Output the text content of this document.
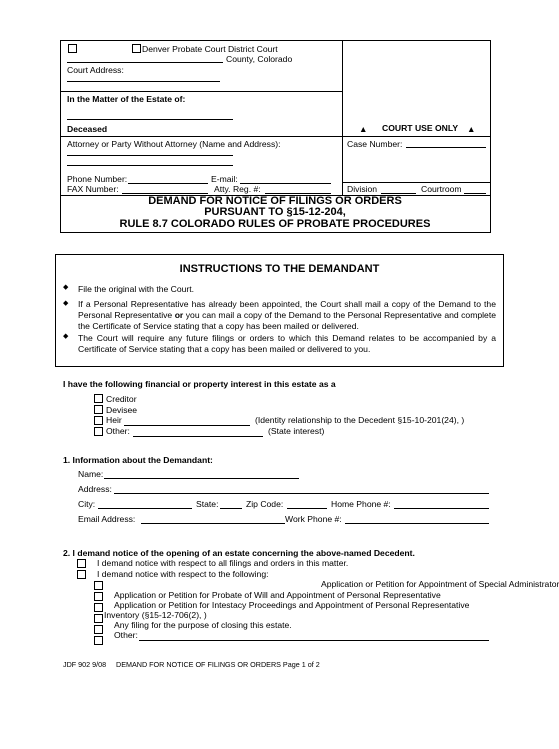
Denver Probate Court District Court
County, Colorado
Court Address:
In the Matter of the Estate of:
Deceased	▲ COURT USE ONLY ▲
Attorney or Party Without Attorney (Name and Address):	Case Number:
Phone Number:	E-mail:
FAX Number:	Atty. Reg. #:	Division	Courtroom
DEMAND FOR NOTICE OF FILINGS OR ORDERS
PURSUANT TO §15-12-204,
RULE 8.7 COLORADO RULES OF PROBATE PROCEDURES
INSTRUCTIONS TO THE DEMANDANT
◆ File the original with the Court.
◆ If a Personal Representative has already been appointed, the Court shall mail a copy of the Demand to the Personal Representative or you can mail a copy of the Demand to the Personal Representative and complete the Certificate of Service stating that a copy has been mailed or delivered.
◆ The Court will require any future filings or orders to which this Demand relates to be accompanied by a Certificate of Service stating that a copy has been mailed or delivered to you.
I have the following financial or property interest in this estate as a
Creditor
Devisee
Heir	(Identity relationship to the Decedent §15-10-201(24), )
Other:	(State interest)
1. Information about the Demandant:
Name:
Address:
City:	State:	Zip Code:	Home Phone #:
Email Address:	Work Phone #:
2. I demand notice of the opening of an estate concerning the above-named Decedent.
I demand notice with respect to all filings and orders in this matter.
I demand notice with respect to the following:
Application or Petition for Appointment of Special Administrator
Application or Petition for Probate of Will and Appointment of Personal Representative
Application or Petition for Intestacy Proceedings and Appointment of Personal Representative
Inventory (§15-12-706(2), )
Any filing for the purpose of closing this estate.
Other:
JDF 902 9/08 DEMAND FOR NOTICE OF FILINGS OR ORDERS Page 1 of 2
